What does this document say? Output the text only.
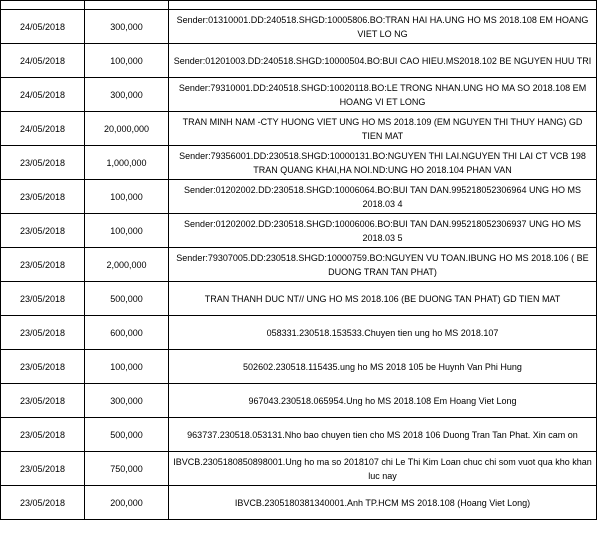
24/05/2018	300,000	Sender:01310001.DD:240518.SHGD:10005806.BO:TRAN HAI HA.UNG HO MS 2018.108 EM HOANG VIET LO NG
24/05/2018	100,000	Sender:01201003.DD:240518.SHGD:10000504.BO:BUI CAO HIEU.MS2018.102 BE NGUYEN HUU TRI
24/05/2018	300,000	Sender:79310001.DD:240518.SHGD:10020118.BO:LE TRONG NHAN.UNG HO MA SO 2018.108 EM HOANG VI ET LONG
24/05/2018	20,000,000	TRAN MINH NAM -CTY HUONG VIET UNG HO MS 2018.109 (EM NGUYEN THI THUY HANG) GD TIEN MAT
23/05/2018	1,000,000	Sender:79356001.DD:230518.SHGD:10000131.BO:NGUYEN THI LAI.NGUYEN THI LAI CT VCB 198 TRAN QUANG KHAI,HA NOI.ND:UNG HO 2018.104 PHAN VAN
23/05/2018	100,000	Sender:01202002.DD:230518.SHGD:10006064.BO:BUI TAN DAN.995218052306964 UNG HO MS 2018.03 4
23/05/2018	100,000	Sender:01202002.DD:230518.SHGD:10006006.BO:BUI TAN DAN.995218052306937 UNG HO MS 2018.03 5
23/05/2018	2,000,000	Sender:79307005.DD:230518.SHGD:10000759.BO:NGUYEN VU TOAN.IBUNG HO MS 2018.106 ( BE DUONG TRAN TAN PHAT)
23/05/2018	500,000	TRAN THANH DUC NT// UNG HO MS 2018.106 (BE DUONG TAN PHAT) GD TIEN MAT
23/05/2018	600,000	058331.230518.153533.Chuyen tien ung ho MS 2018.107
23/05/2018	100,000	502602.230518.115435.ung ho MS 2018 105 be Huynh Van Phi Hung
23/05/2018	300,000	967043.230518.065954.Ung ho MS 2018.108 Em Hoang Viet Long
23/05/2018	500,000	963737.230518.053131.Nho bao chuyen tien cho MS 2018 106 Duong Tran Tan Phat. Xin cam on
23/05/2018	750,000	IBVCB.2305180850898001.Ung ho ma so 2018107 chi Le Thi Kim Loan chuc chi som vuot qua kho khan luc nay
23/05/2018	200,000	IBVCB.2305180381340001.Anh TP.HCM MS 2018.108 (Hoang Viet Long)
